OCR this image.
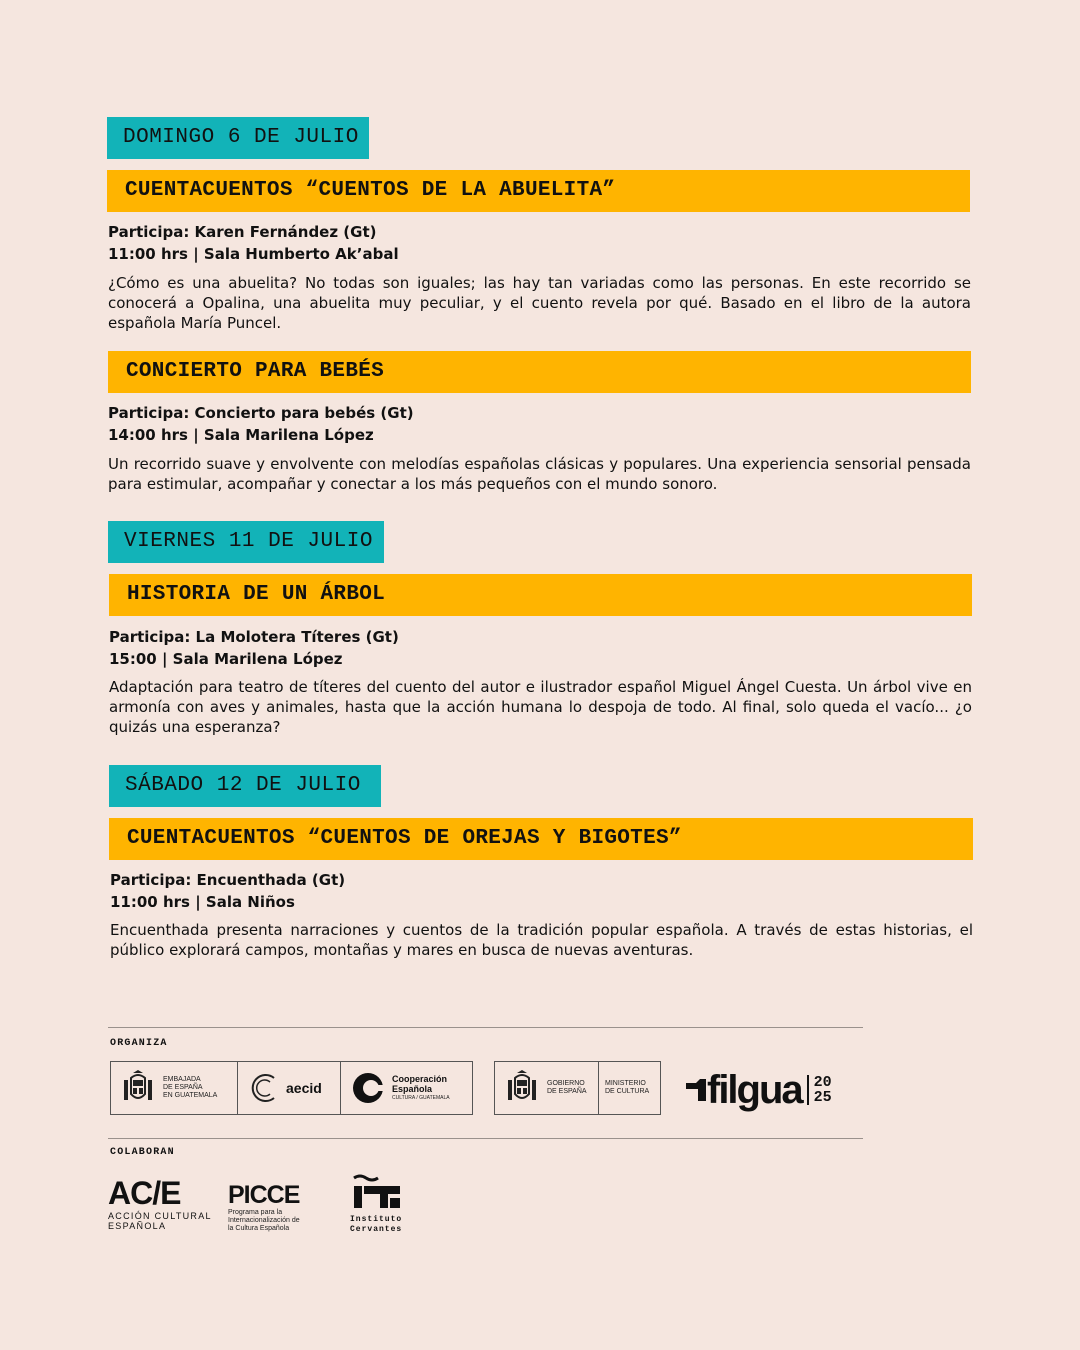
DOMINGO 6 DE JULIO
CUENTACUENTOS “CUENTOS DE LA ABUELITA”
Participa: Karen Fernández (Gt)
11:00 hrs | Sala Humberto Ak’abal
¿Cómo es una abuelita? No todas son iguales; las hay tan variadas como las personas. En este recorrido se conocerá a Opalina, una abuelita muy peculiar, y el cuento revela por qué. Basado en el libro de la autora española María Puncel.
CONCIERTO PARA BEBÉS
Participa: Concierto para bebés (Gt)
14:00 hrs | Sala Marilena López
Un recorrido suave y envolvente con melodías españolas clásicas y populares. Una experiencia sensorial pensada para estimular, acompañar y conectar a los más pequeños con el mundo sonoro.
VIERNES 11 DE JULIO
HISTORIA DE UN ÁRBOL
Participa: La Molotera Títeres (Gt)
15:00 | Sala Marilena López
Adaptación para teatro de títeres del cuento del autor e ilustrador español Miguel Ángel Cuesta. Un árbol vive en armonía con aves y animales, hasta que la acción humana lo despoja de todo. Al final, solo queda el vacío... ¿o quizás una esperanza?
SÁBADO 12 DE JULIO
CUENTACUENTOS “CUENTOS DE OREJAS Y BIGOTES”
Participa: Encuenthada (Gt)
11:00 hrs | Sala Niños
Encuenthada presenta narraciones y cuentos de la tradición popular española. A través de estas historias, el público explorará campos, montañas y mares en busca de nuevas aventuras.
ORGANIZA
EMBAJADA
DE ESPAÑA
EN GUATEMALA	aecid
Cooperación
Española
CULTURA / GUATEMALA
GOBIERNO
DE ESPAÑA
MINISTERIO
DE CULTURA filgua 20
25
COLABORAN
AC/E
ACCIÓN CULTURAL
ESPAÑOLA
PICCE
Programa para la
Internacionalización de
la Cultura Española
Instituto
Cervantes
